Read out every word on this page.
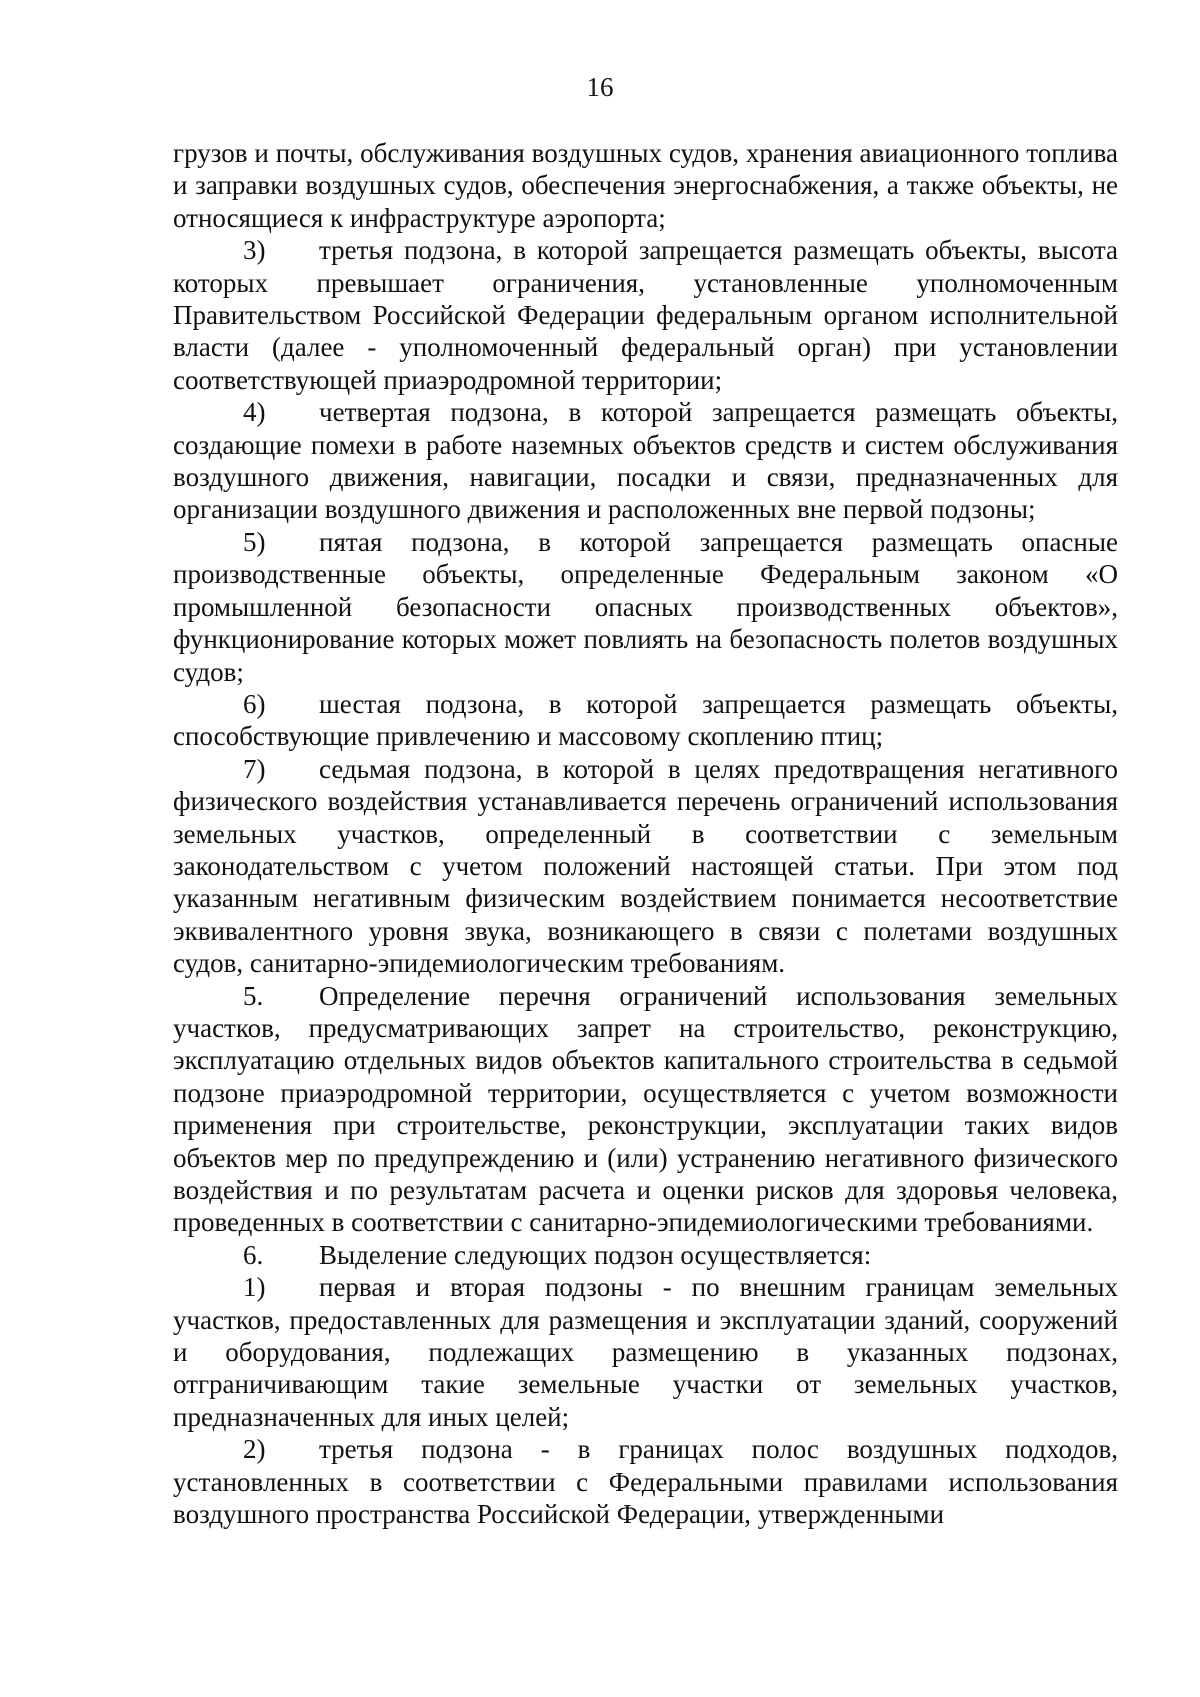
16

грузов и почты, обслуживания воздушных судов, хранения авиационного топлива и заправки воздушных судов, обеспечения энергоснабжения, а также объекты, не относящиеся к инфраструктуре аэропорта;

3) третья подзона, в которой запрещается размещать объекты, высота которых превышает ограничения, установленные уполномоченным Правительством Российской Федерации федеральным органом исполнительной власти (далее - уполномоченный федеральный орган) при установлении соответствующей приаэродромной территории;

4) четвертая подзона, в которой запрещается размещать объекты, создающие помехи в работе наземных объектов средств и систем обслуживания воздушного движения, навигации, посадки и связи, предназначенных для организации воздушного движения и расположенных вне первой подзоны;

5) пятая подзона, в которой запрещается размещать опасные производственные объекты, определенные Федеральным законом «О промышленной безопасности опасных производственных объектов», функционирование которых может повлиять на безопасность полетов воздушных судов;

6) шестая подзона, в которой запрещается размещать объекты, способствующие привлечению и массовому скоплению птиц;

7) седьмая подзона, в которой в целях предотвращения негативного физического воздействия устанавливается перечень ограничений использования земельных участков, определенный в соответствии с земельным законодательством с учетом положений настоящей статьи. При этом под указанным негативным физическим воздействием понимается несоответствие эквивалентного уровня звука, возникающего в связи с полетами воздушных судов, санитарно-эпидемиологическим требованиям.

5. Определение перечня ограничений использования земельных участков, предусматривающих запрет на строительство, реконструкцию, эксплуатацию отдельных видов объектов капитального строительства в седьмой подзоне приаэродромной территории, осуществляется с учетом возможности применения при строительстве, реконструкции, эксплуатации таких видов объектов мер по предупреждению и (или) устранению негативного физического воздействия и по результатам расчета и оценки рисков для здоровья человека, проведенных в соответствии с санитарно-эпидемиологическими требованиями.

6. Выделение следующих подзон осуществляется:

1) первая и вторая подзоны - по внешним границам земельных участков, предоставленных для размещения и эксплуатации зданий, сооружений и оборудования, подлежащих размещению в указанных подзонах, отграничивающим такие земельные участки от земельных участков, предназначенных для иных целей;

2) третья подзона - в границах полос воздушных подходов, установленных в соответствии с Федеральными правилами использования воздушного пространства Российской Федерации, утвержденными
